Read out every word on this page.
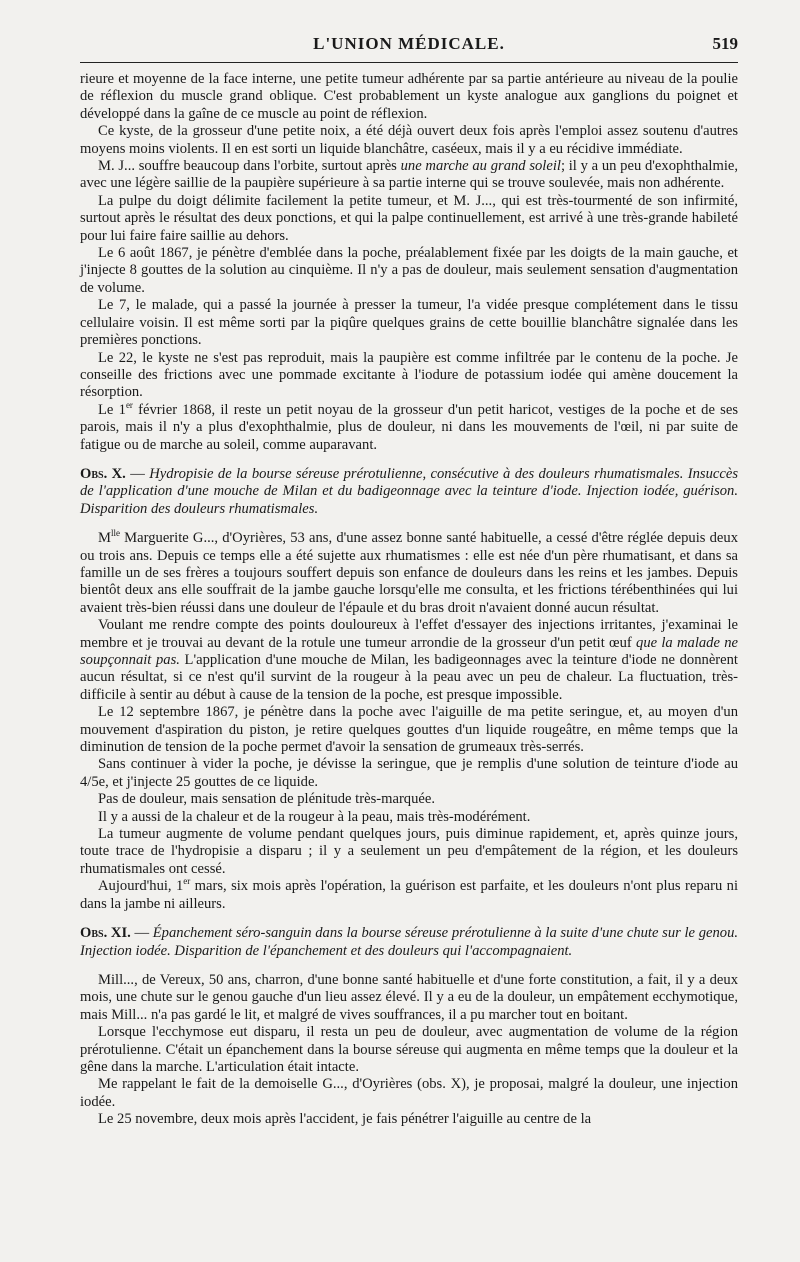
L'UNION MÉDICALE.	519

rieure et moyenne de la face interne, une petite tumeur adhérente par sa partie antérieure au niveau de la poulie de réflexion du muscle grand oblique. C'est probablement un kyste analogue aux ganglions du poignet et développé dans la gaîne de ce muscle au point de réflexion.

Ce kyste, de la grosseur d'une petite noix, a été déjà ouvert deux fois après l'emploi assez soutenu d'autres moyens moins violents. Il en est sorti un liquide blanchâtre, caséeux, mais il y a eu récidive immédiate.

M. J... souffre beaucoup dans l'orbite, surtout après une marche au grand soleil; il y a un peu d'exophthalmie, avec une légère saillie de la paupière supérieure à sa partie interne qui se trouve soulevée, mais non adhérente.

La pulpe du doigt délimite facilement la petite tumeur, et M. J..., qui est très-tourmenté de son infirmité, surtout après le résultat des deux ponctions, et qui la palpe continuellement, est arrivé à une très-grande habileté pour lui faire faire saillie au dehors.

Le 6 août 1867, je pénètre d'emblée dans la poche, préalablement fixée par les doigts de la main gauche, et j'injecte 8 gouttes de la solution au cinquième. Il n'y a pas de douleur, mais seulement sensation d'augmentation de volume.

Le 7, le malade, qui a passé la journée à presser la tumeur, l'a vidée presque complétement dans le tissu cellulaire voisin. Il est même sorti par la piqûre quelques grains de cette bouillie blanchâtre signalée dans les premières ponctions.

Le 22, le kyste ne s'est pas reproduit, mais la paupière est comme infiltrée par le contenu de la poche. Je conseille des frictions avec une pommade excitante à l'iodure de potassium iodée qui amène doucement la résorption.

Le 1er février 1868, il reste un petit noyau de la grosseur d'un petit haricot, vestiges de la poche et de ses parois, mais il n'y a plus d'exophthalmie, plus de douleur, ni dans les mouvements de l'œil, ni par suite de fatigue ou de marche au soleil, comme auparavant.

Obs. X. — Hydropisie de la bourse séreuse prérotulienne, consécutive à des douleurs rhumatismales. Insuccès de l'application d'une mouche de Milan et du badigeonnage avec la teinture d'iode. Injection iodée, guérison. Disparition des douleurs rhumatismales.

$M^{lle}$ Marguerite G..., d'Oyrières, 53 ans, d'une assez bonne santé habituelle, a cessé d'être réglée depuis deux ou trois ans. Depuis ce temps elle a été sujette aux rhumatismes : elle est née d'un père rhumatisant, et dans sa famille un de ses frères a toujours souffert depuis son enfance de douleurs dans les reins et les jambes. Depuis bientôt deux ans elle souffrait de la jambe gauche lorsqu'elle me consulta, et les frictions térébenthinées qui lui avaient très-bien réussi dans une douleur de l'épaule et du bras droit n'avaient donné aucun résultat.

Voulant me rendre compte des points douloureux à l'effet d'essayer des injections irritantes, j'examinai le membre et je trouvai au devant de la rotule une tumeur arrondie de la grosseur d'un petit œuf que la malade ne soupçonnait pas. L'application d'une mouche de Milan, les badigeonnages avec la teinture d'iode ne donnèrent aucun résultat, si ce n'est qu'il survint de la rougeur à la peau avec un peu de chaleur. La fluctuation, très-difficile à sentir au début à cause de la tension de la poche, est presque impossible.

Le 12 septembre 1867, je pénètre dans la poche avec l'aiguille de ma petite seringue, et, au moyen d'un mouvement d'aspiration du piston, je retire quelques gouttes d'un liquide rougeâtre, en même temps que la diminution de tension de la poche permet d'avoir la sensation de grumeaux très-serrés.

Sans continuer à vider la poche, je dévisse la seringue, que je remplis d'une solution de teinture d'iode au 4/5e, et j'injecte 25 gouttes de ce liquide.

Pas de douleur, mais sensation de plénitude très-marquée.

Il y a aussi de la chaleur et de la rougeur à la peau, mais très-modérément.

La tumeur augmente de volume pendant quelques jours, puis diminue rapidement, et, après quinze jours, toute trace de l'hydropisie a disparu ; il y a seulement un peu d'empâtement de la région, et les douleurs rhumatismales ont cessé.

Aujourd'hui, 1er mars, six mois après l'opération, la guérison est parfaite, et les douleurs n'ont plus reparu ni dans la jambe ni ailleurs.

Obs. XI. — Épanchement séro-sanguin dans la bourse séreuse prérotulienne à la suite d'une chute sur le genou. Injection iodée. Disparition de l'épanchement et des douleurs qui l'accompagnaient.

Mill..., de Vereux, 50 ans, charron, d'une bonne santé habituelle et d'une forte constitution, a fait, il y a deux mois, une chute sur le genou gauche d'un lieu assez élevé. Il y a eu de la douleur, un empâtement ecchymotique, mais Mill... n'a pas gardé le lit, et malgré de vives souffrances, il a pu marcher tout en boitant.

Lorsque l'ecchymose eut disparu, il resta un peu de douleur, avec augmentation de volume de la région prérotulienne. C'était un épanchement dans la bourse séreuse qui augmenta en même temps que la douleur et la gêne dans la marche. L'articulation était intacte.

Me rappelant le fait de la demoiselle G..., d'Oyrières (obs. X), je proposai, malgré la douleur, une injection iodée.

Le 25 novembre, deux mois après l'accident, je fais pénétrer l'aiguille au centre de la
